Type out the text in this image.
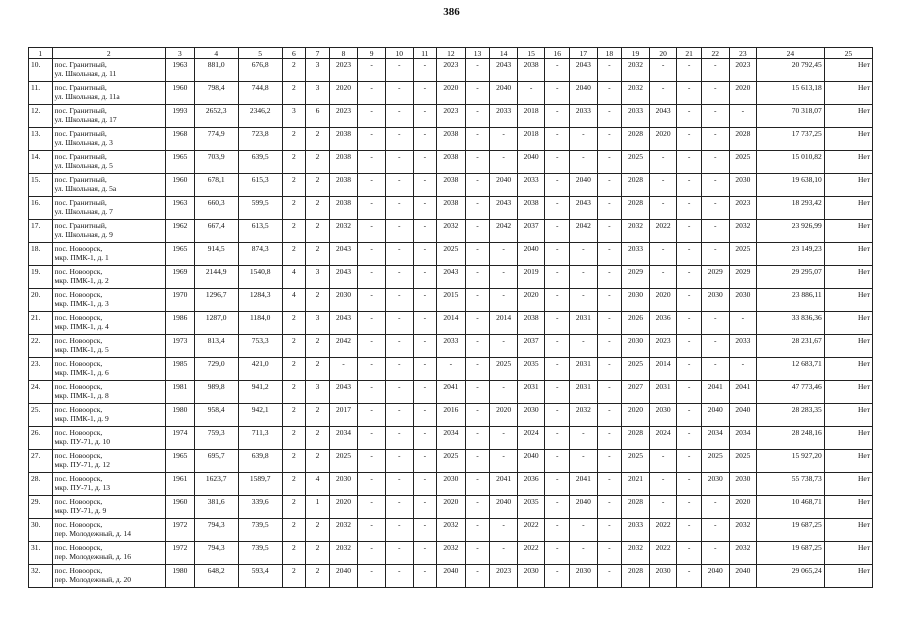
386
1	2	3	4	5	6	7	8	9	10	11	12	13	14	15	16	17	18	19	20	21	22	23	24	25
10.	пос. Гранитный,
ул. Школьная, д. 11	1963	881,0	676,8	2	3	2023	-	-	-	2023	-	2043	2038	-	2043	-	2032	-	-	-	2023	20 792,45	Нет
11.	пос. Гранитный,
ул. Школьная, д. 11а	1960	798,4	744,8	2	3	2020	-	-	-	2020	-	2040	-	-	2040	-	2032	-	-	-	2020	15 613,18	Нет
12.	пос. Гранитный,
ул. Школьная, д. 17	1993	2652,3	2346,2	3	6	2023	-	-	-	2023	-	2033	2018	-	2033	-	2033	2043	-	-	-	70 318,07	Нет
13.	пос. Гранитный,
ул. Школьная, д. 3	1968	774,9	723,8	2	2	2038	-	-	-	2038	-	-	2018	-	-	-	2028	2020	-	-	2028	17 737,25	Нет
14.	пос. Гранитный,
ул. Школьная, д. 5	1965	703,9	639,5	2	2	2038	-	-	-	2038	-	-	2040	-	-	-	2025	-	-	-	2025	15 010,82	Нет
15.	пос. Гранитный,
ул. Школьная, д. 5а	1960	678,1	615,3	2	2	2038	-	-	-	2038	-	2040	2033	-	2040	-	2028	-	-	-	2030	19 638,10	Нет
16.	пос. Гранитный,
ул. Школьная, д. 7	1963	660,3	599,5	2	2	2038	-	-	-	2038	-	2043	2038	-	2043	-	2028	-	-	-	2023	18 293,42	Нет
17.	пос. Гранитный,
ул. Школьная, д. 9	1962	667,4	613,5	2	2	2032	-	-	-	2032	-	2042	2037	-	2042	-	2032	2022	-	-	2032	23 926,99	Нет
18.	пос. Новоорск,
мкр. ПМК-1, д. 1	1965	914,5	874,3	2	2	2043	-	-	-	2025	-	-	2040	-	-	-	2033	-	-	-	2025	23 149,23	Нет
19.	пос. Новоорск,
мкр. ПМК-1, д. 2	1969	2144,9	1540,8	4	3	2043	-	-	-	2043	-	-	2019	-	-	-	2029	-	-	2029	2029	29 295,07	Нет
20.	пос. Новоорск,
мкр. ПМК-1, д. 3	1970	1296,7	1284,3	4	2	2030	-	-	-	2015	-	-	2020	-	-	-	2030	2020	-	2030	2030	23 886,11	Нет
21.	пос. Новоорск,
мкр. ПМК-1, д. 4	1986	1287,0	1184,0	2	3	2043	-	-	-	2014	-	2014	2038	-	2031	-	2026	2036	-	-	-	33 836,36	Нет
22.	пос. Новоорск,
мкр. ПМК-1, д. 5	1973	813,4	753,3	2	2	2042	-	-	-	2033	-	-	2037	-	-	-	2030	2023	-	-	2033	28 231,67	Нет
23.	пос. Новоорск,
мкр. ПМК-1, д. 6	1985	729,0	421,0	2	2	-	-	-	-	-	-	2025	2035	-	2031	-	2025	2014	-	-	-	12 683,71	Нет
24.	пос. Новоорск,
мкр. ПМК-1, д. 8	1981	989,8	941,2	2	3	2043	-	-	-	2041	-	-	2031	-	2031	-	2027	2031	-	2041	2041	47 773,46	Нет
25.	пос. Новоорск,
мкр. ПМК-1, д. 9	1980	958,4	942,1	2	2	2017	-	-	-	2016	-	2020	2030	-	2032	-	2020	2030	-	2040	2040	28 283,35	Нет
26.	пос. Новоорск,
мкр. ПУ-71, д. 10	1974	759,3	711,3	2	2	2034	-	-	-	2034	-	-	2024	-	-	-	2028	2024	-	2034	2034	28 248,16	Нет
27.	пос. Новоорск,
мкр. ПУ-71, д. 12	1965	695,7	639,8	2	2	2025	-	-	-	2025	-	-	2040	-	-	-	2025	-	-	2025	2025	15 927,20	Нет
28.	пос. Новоорск,
мкр. ПУ-71, д. 13	1961	1623,7	1589,7	2	4	2030	-	-	-	2030	-	2041	2036	-	2041	-	2021	-	-	2030	2030	55 738,73	Нет
29.	пос. Новоорск,
мкр. ПУ-71, д. 9	1960	381,6	339,6	2	1	2020	-	-	-	2020	-	2040	2035	-	2040	-	2028	-	-	-	2020	10 468,71	Нет
30.	пос. Новоорск,
пер. Молодежный, д. 14	1972	794,3	739,5	2	2	2032	-	-	-	2032	-	-	2022	-	-	-	2033	2022	-	-	2032	19 687,25	Нет
31.	пос. Новоорск,
пер. Молодежный, д. 16	1972	794,3	739,5	2	2	2032	-	-	-	2032	-	-	2022	-	-	-	2032	2022	-	-	2032	19 687,25	Нет
32.	пос. Новоорск,
пер. Молодежный, д. 20	1980	648,2	593,4	2	2	2040	-	-	-	2040	-	2023	2030	-	2030	-	2028	2030	-	2040	2040	29 065,24	Нет
